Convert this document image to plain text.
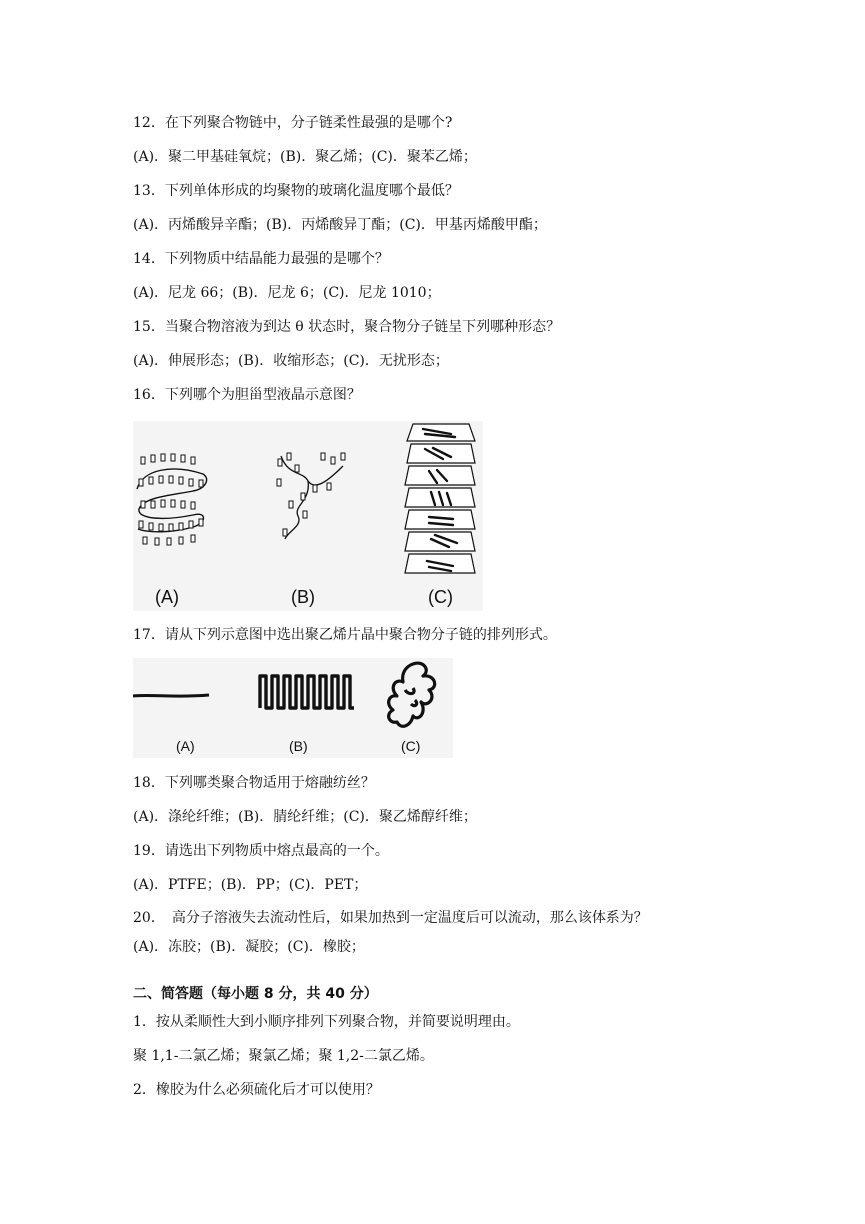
12．在下列聚合物链中，分子链柔性最强的是哪个?
(A)．聚二甲基硅氧烷；(B)．聚乙烯；(C)．聚苯乙烯；
13．下列单体形成的均聚物的玻璃化温度哪个最低？
(A)．丙烯酸异辛酯；(B)．丙烯酸异丁酯；(C)．甲基丙烯酸甲酯；
14．下列物质中结晶能力最强的是哪个？
(A)．尼龙 66；(B)．尼龙 6；(C)．尼龙 1010；
15．当聚合物溶液为到达 θ 状态时，聚合物分子链呈下列哪种形态？
(A)．伸展形态；(B)．收缩形态；(C)．无扰形态；
16．下列哪个为胆甾型液晶示意图？
(A)	(B)	(C)
17．请从下列示意图中选出聚乙烯片晶中聚合物分子链的排列形式。
(A)	(B)	(C)
18．下列哪类聚合物适用于熔融纺丝？
(A)．涤纶纤维；(B)．腈纶纤维；(C)．聚乙烯醇纤维；
19．请选出下列物质中熔点最高的一个。
(A)．PTFE；(B)．PP；(C)．PET；
20．　高分子溶液失去流动性后，如果加热到一定温度后可以流动，那么该体系为？
(A)．冻胶；(B)．凝胶；(C)．橡胶；
二、简答题（每小题 8 分，共 40 分）
1．按从柔顺性大到小顺序排列下列聚合物，并简要说明理由。
聚 1,1-二氯乙烯；聚氯乙烯；聚 1,2-二氯乙烯。
2．橡胶为什么必须硫化后才可以使用？
